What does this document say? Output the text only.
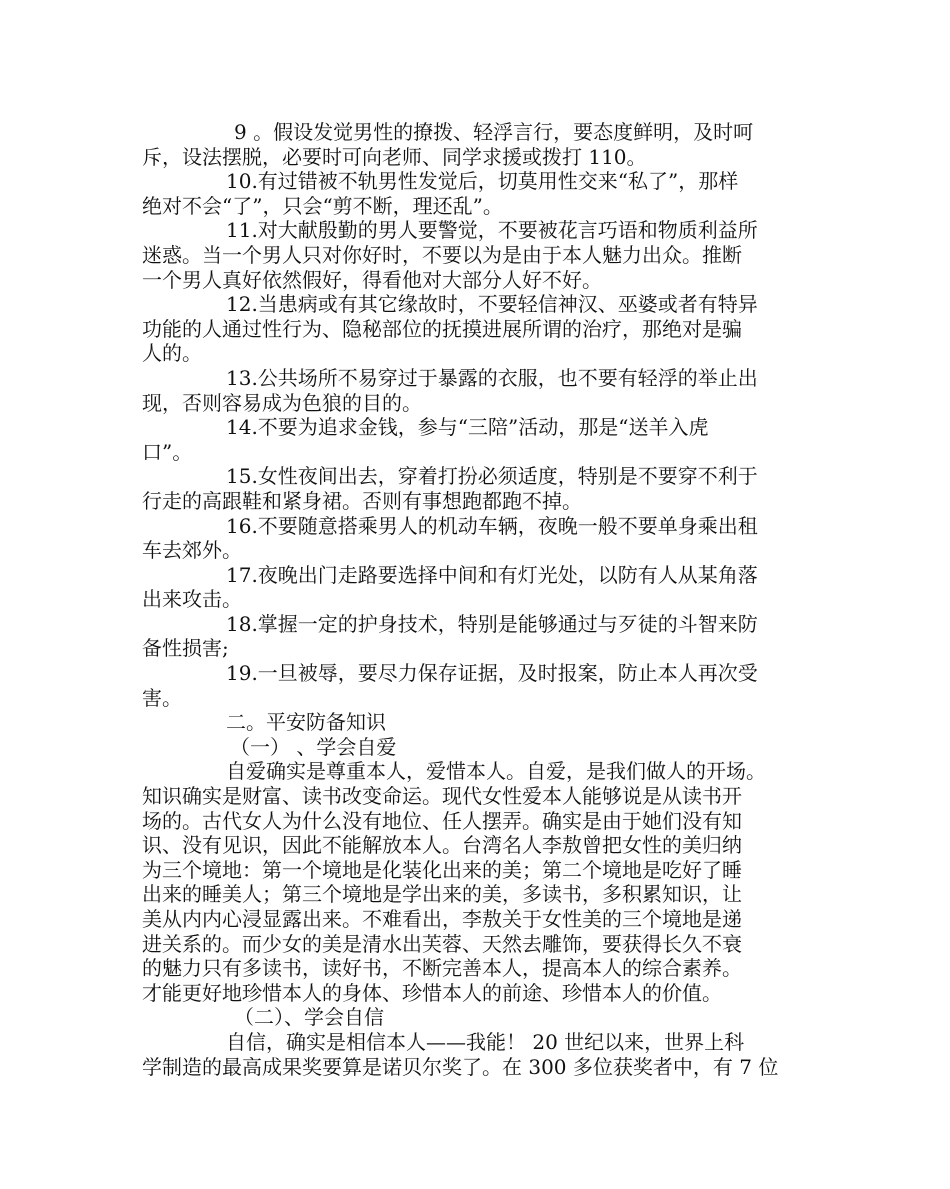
9 。假设发觉男性的撩拨、轻浮言行，要态度鲜明，及时呵
斥，设法摆脱，必要时可向老师、同学求援或拨打 110。
10.有过错被不轨男性发觉后，切莫用性交来“私了”，那样
绝对不会“了”，只会“剪不断，理还乱”。
11.对大献殷勤的男人要警觉，不要被花言巧语和物质利益所
迷惑。当一个男人只对你好时，不要以为是由于本人魅力出众。推断
一个男人真好依然假好，得看他对大部分人好不好。
12.当患病或有其它缘故时，不要轻信神汉、巫婆或者有特异
功能的人通过性行为、隐秘部位的抚摸进展所谓的治疗，那绝对是骗
人的。
13.公共场所不易穿过于暴露的衣服，也不要有轻浮的举止出
现，否则容易成为色狼的目的。
14.不要为追求金钱，参与“三陪”活动，那是“送羊入虎
口”。
15.女性夜间出去，穿着打扮必须适度，特别是不要穿不利于
行走的高跟鞋和紧身裙。否则有事想跑都跑不掉。
16.不要随意搭乘男人的机动车辆，夜晚一般不要单身乘出租
车去郊外。
17.夜晚出门走路要选择中间和有灯光处，以防有人从某角落
出来攻击。
18.掌握一定的护身技术，特别是能够通过与歹徒的斗智来防
备性损害;
19.一旦被辱，要尽力保存证据，及时报案，防止本人再次受
害。
二。平安防备知识
（一） 、学会自爱
自爱确实是尊重本人，爱惜本人。自爱，是我们做人的开场。
知识确实是财富、读书改变命运。现代女性爱本人能够说是从读书开
场的。古代女人为什么没有地位、任人摆弄。确实是由于她们没有知
识、没有见识，因此不能解放本人。台湾名人李敖曾把女性的美归纳
为三个境地：第一个境地是化装化出来的美；第二个境地是吃好了睡
出来的睡美人；第三个境地是学出来的美，多读书，多积累知识，让
美从内内心浸显露出来。不难看出，李敖关于女性美的三个境地是递
进关系的。而少女的美是清水出芙蓉、天然去雕饰，要获得长久不衰
的魅力只有多读书，读好书，不断完善本人，提高本人的综合素养。
才能更好地珍惜本人的身体、珍惜本人的前途、珍惜本人的价值。
（二）、学会自信
自信，确实是相信本人——我能！ 20 世纪以来，世界上科
学制造的最高成果奖要算是诺贝尔奖了。在 300 多位获奖者中，有 7 位
